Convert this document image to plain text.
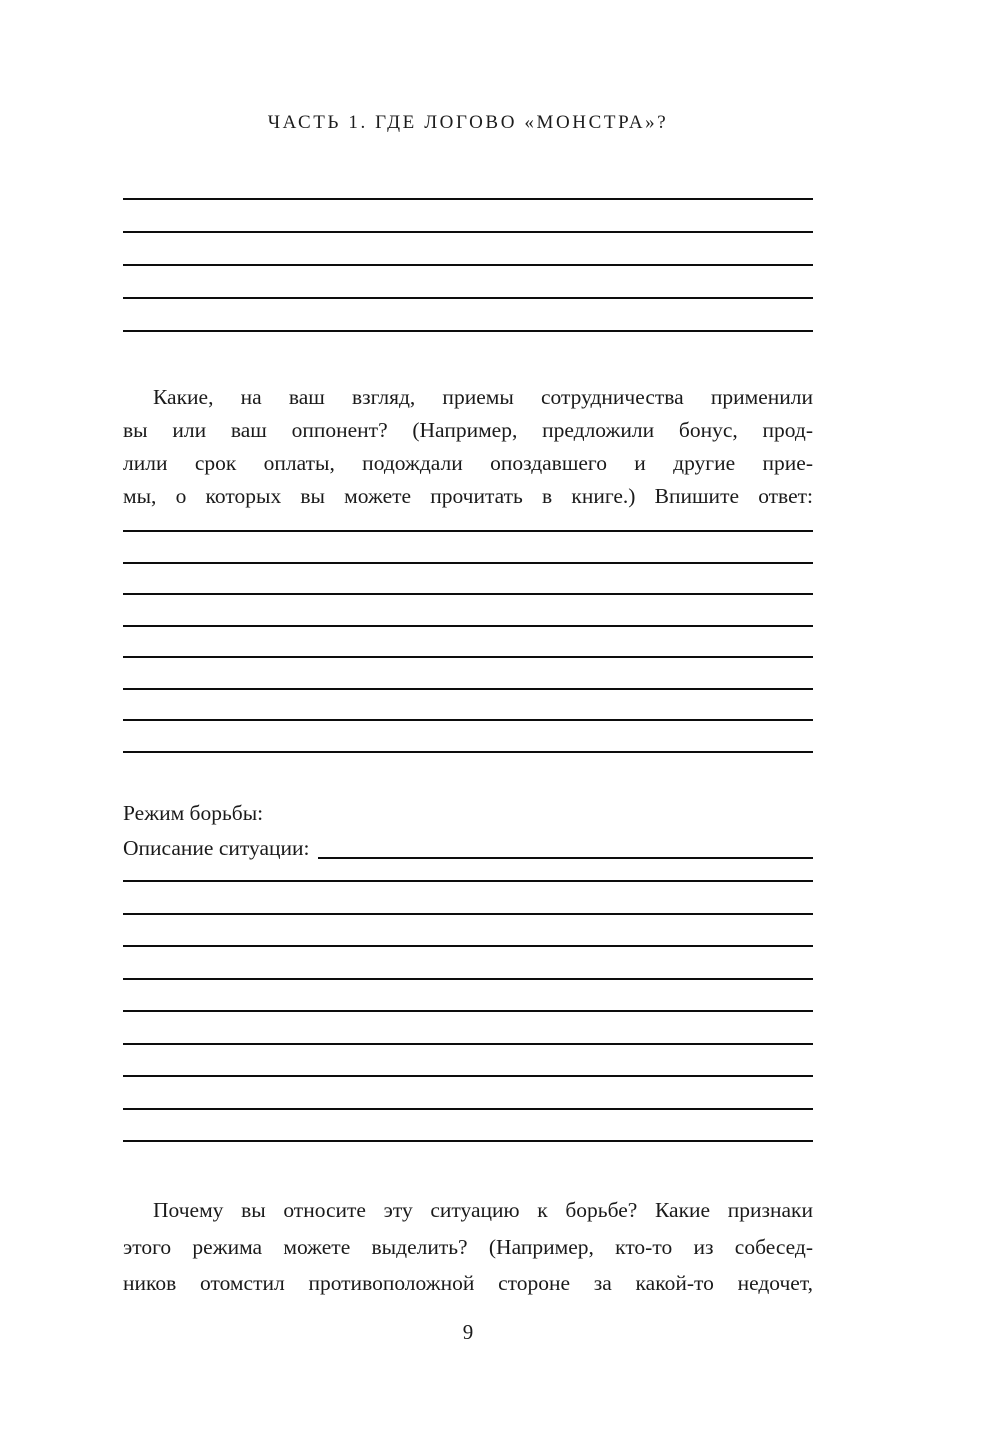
ЧАСТЬ 1. ГДЕ ЛОГОВО «МОНСТРА»?
Какие, на ваш взгляд, приемы сотрудничества применили
вы или ваш оппонент? (Например, предложили бонус, прод-
лили срок оплаты, подождали опоздавшего и другие прие-
мы, о которых вы можете прочитать в книге.) Впишите ответ:
Режим борьбы:
Описание ситуации:
Почему вы относите эту ситуацию к борьбе? Какие признаки
этого режима можете выделить? (Например, кто-то из собесед-
ников отомстил противоположной стороне за какой-то недочет,
9
